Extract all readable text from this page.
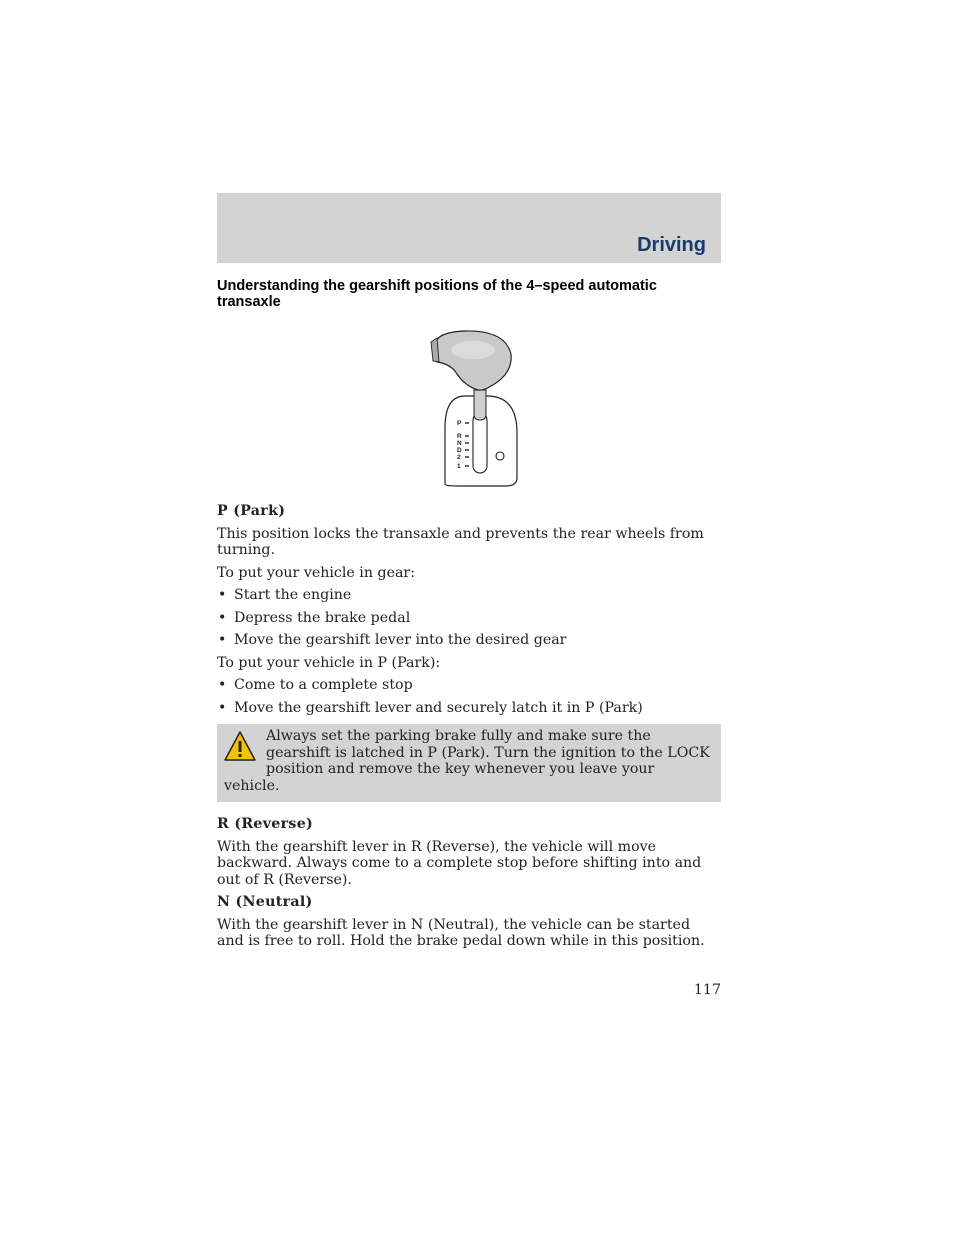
Driving
Understanding the gearshift positions of the 4–speed automatic transaxle
P
R
N
D
2
1

P (Park)

This position locks the transaxle and prevents the rear wheels from turning.

To put your vehicle in gear:

• Start the engine

• Depress the brake pedal

• Move the gearshift lever into the desired gear

To put your vehicle in P (Park):

• Come to a complete stop

• Move the gearshift lever and securely latch it in P (Park)

Always set the parking brake fully and make sure the gearshift is latched in P (Park). Turn the ignition to the LOCK position and remove the key whenever you leave your vehicle.

R (Reverse)

With the gearshift lever in R (Reverse), the vehicle will move backward. Always come to a complete stop before shifting into and out of R (Reverse).

N (Neutral)

With the gearshift lever in N (Neutral), the vehicle can be started and is free to roll. Hold the brake pedal down while in this position.

117
